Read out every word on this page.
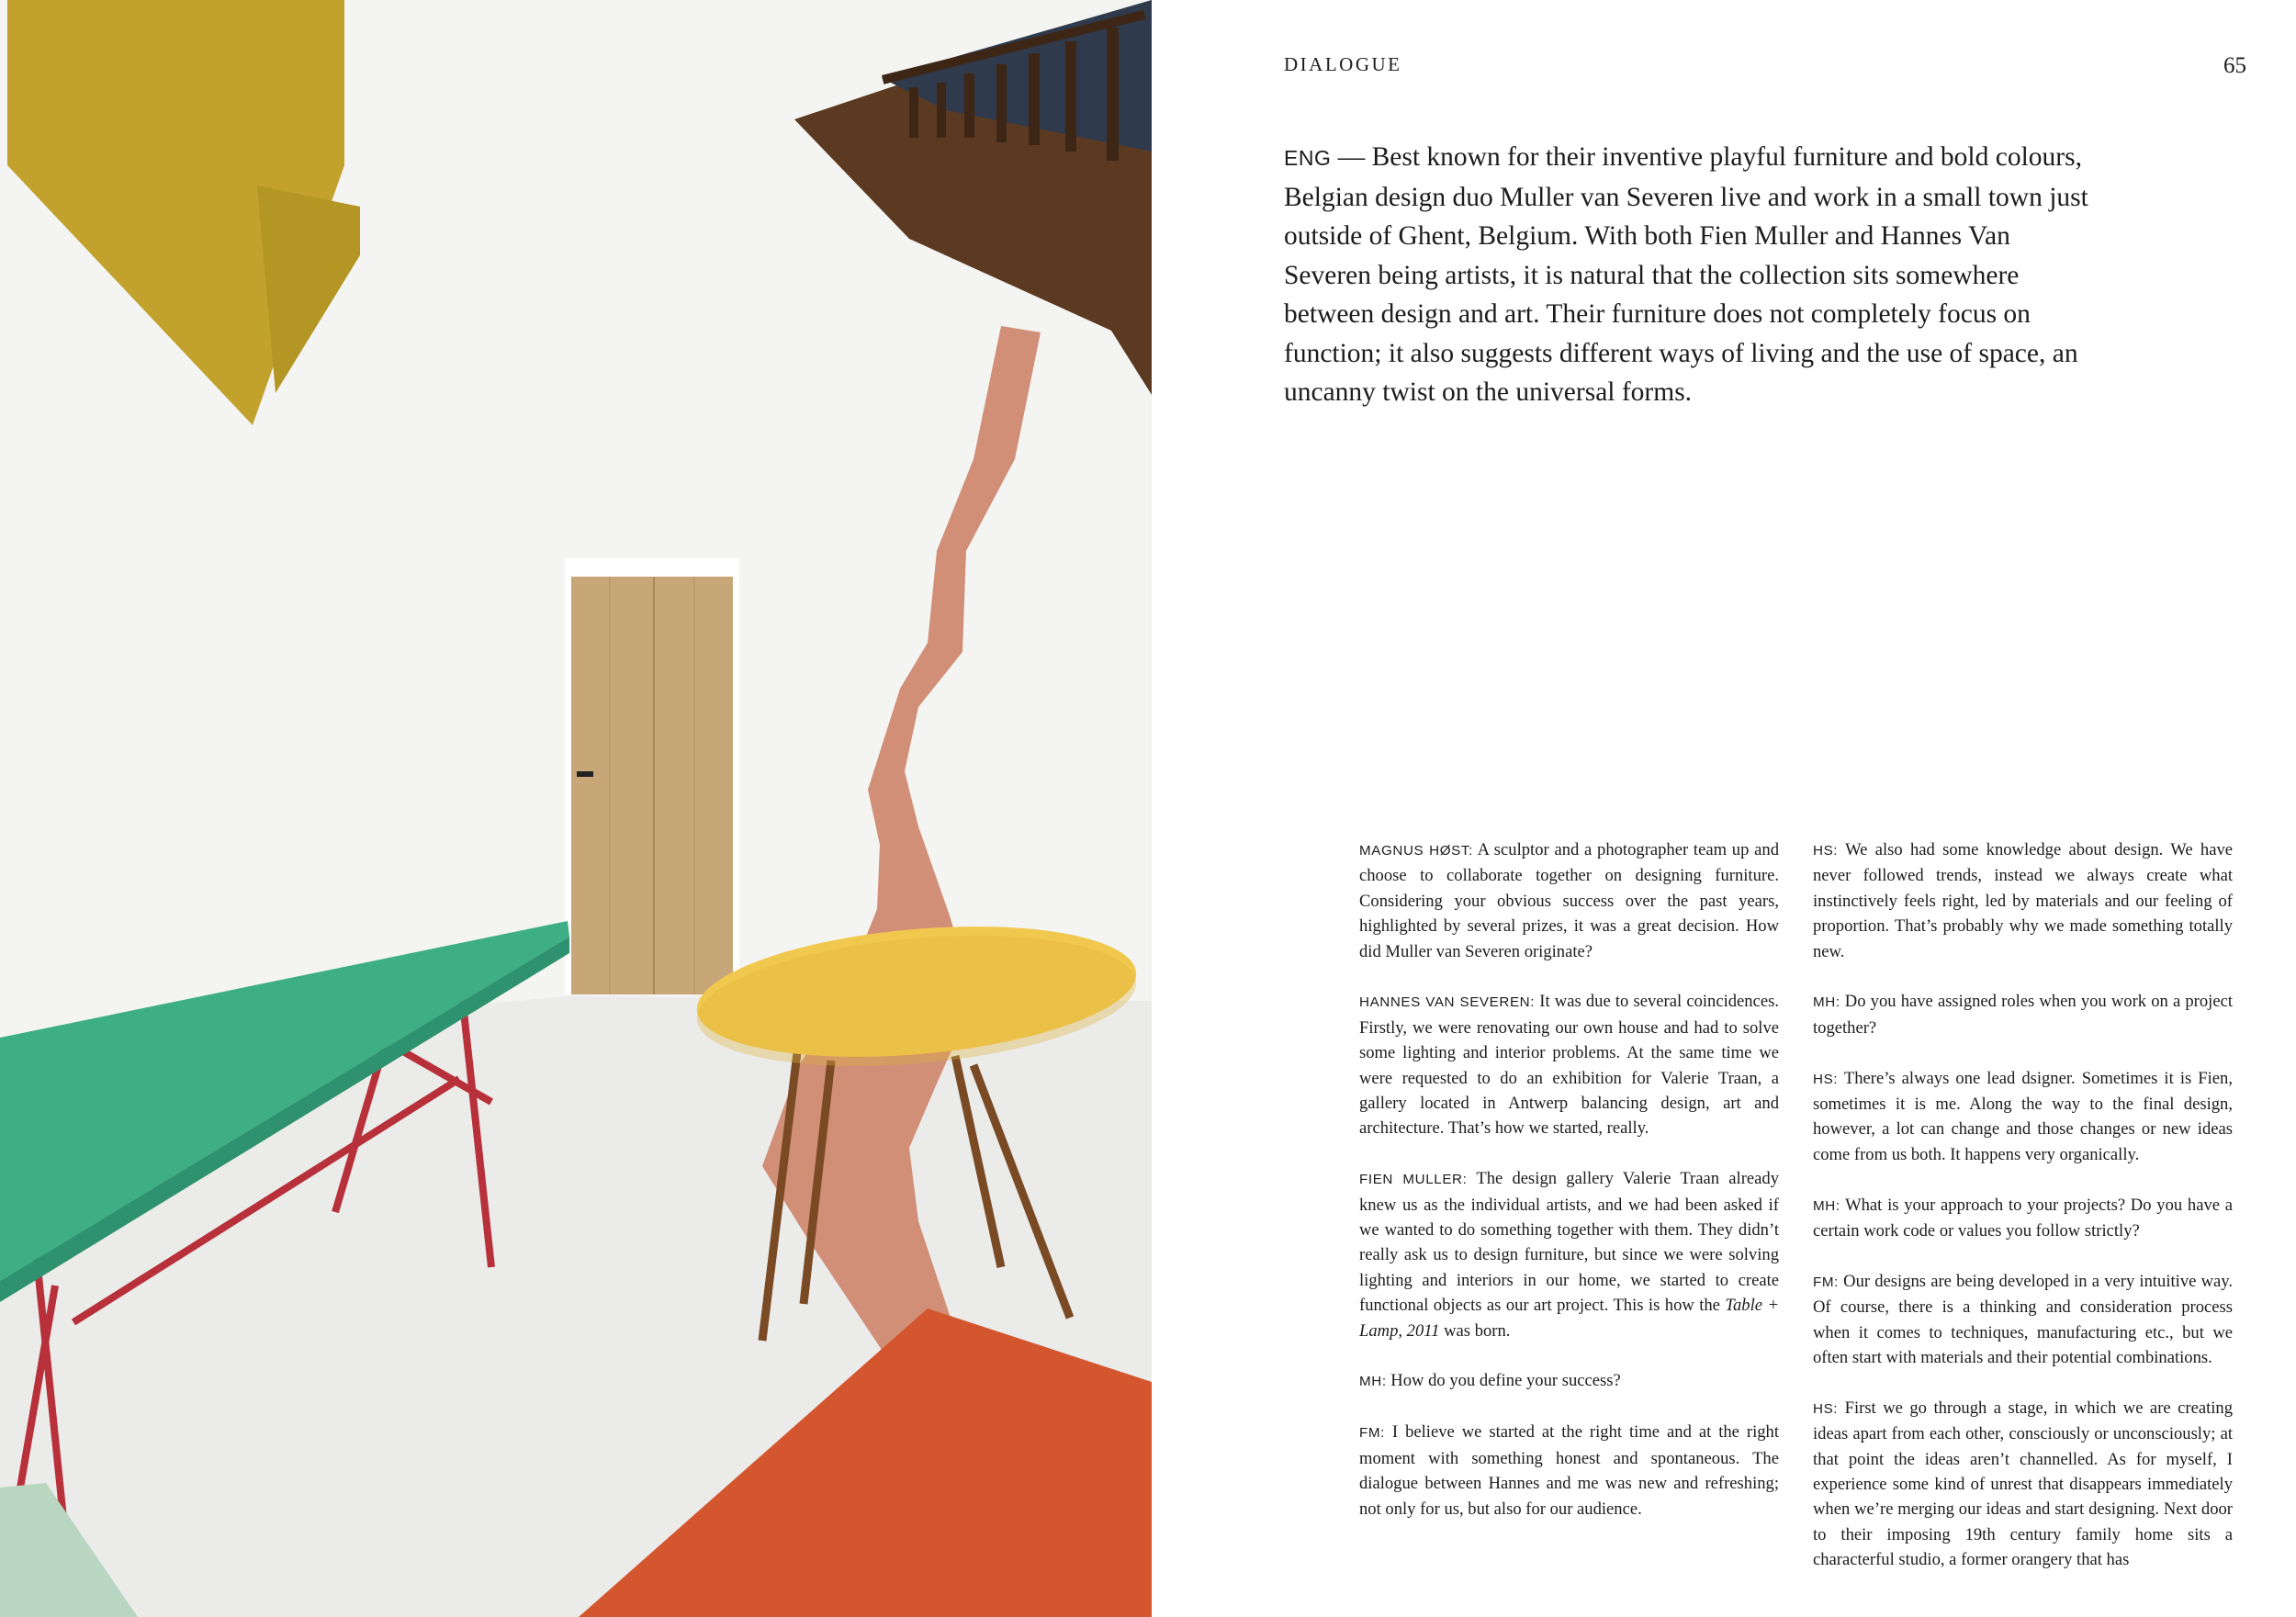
DIALOGUE	65

ENG — Best known for their inventive playful furniture and bold colours, Belgian design duo Muller van Severen live and work in a small town just outside of Ghent, Belgium. With both Fien Muller and Hannes Van Severen being artists, it is natural that the collection sits somewhere between design and art. Their furniture does not completely focus on function; it also suggests different ways of living and the use of space, an uncanny twist on the universal forms.

MAGNUS HØST: A sculptor and a photographer team up and choose to collaborate together on designing furniture. Considering your obvious success over the past years, highlighted by several prizes, it was a great decision. How did Muller van Severen originate?

HANNES VAN SEVEREN: It was due to several coincidences. Firstly, we were renovating our own house and had to solve some lighting and interior problems. At the same time we were requested to do an exhibition for Valerie Traan, a gallery located in Antwerp balancing design, art and architecture. That’s how we started, really.

FIEN MULLER: The design gallery Valerie Traan already knew us as the individual artists, and we had been asked if we wanted to do something together with them. They didn’t really ask us to design furniture, but since we were solving lighting and interiors in our home, we started to create functional objects as our art project. This is how the Table + Lamp, 2011 was born.

MH: How do you define your success?

FM: I believe we started at the right time and at the right moment with something honest and spontaneous. The dialogue between Hannes and me was new and refreshing; not only for us, but also for our audience.

HS: We also had some knowledge about design. We have never followed trends, instead we always create what instinctively feels right, led by materials and our feeling of proportion. That’s probably why we made something totally new.

MH: Do you have assigned roles when you work on a project together?

HS: There’s always one lead dsigner. Sometimes it is Fien, sometimes it is me. Along the way to the final design, however, a lot can change and those changes or new ideas come from us both. It happens very organically.

MH: What is your approach to your projects? Do you have a certain work code or values you follow strictly?

FM: Our designs are being developed in a very intuitive way. Of course, there is a thinking and consideration process when it comes to techniques, manufacturing etc., but we often start with materials and their potential combinations.

HS: First we go through a stage, in which we are creating ideas apart from each other, consciously or unconsciously; at that point the ideas aren’t channelled. As for myself, I experience some kind of unrest that disappears immediately when we’re merging our ideas and start designing. Next door to their imposing 19th century family home sits a characterful studio, a former orangery that has
